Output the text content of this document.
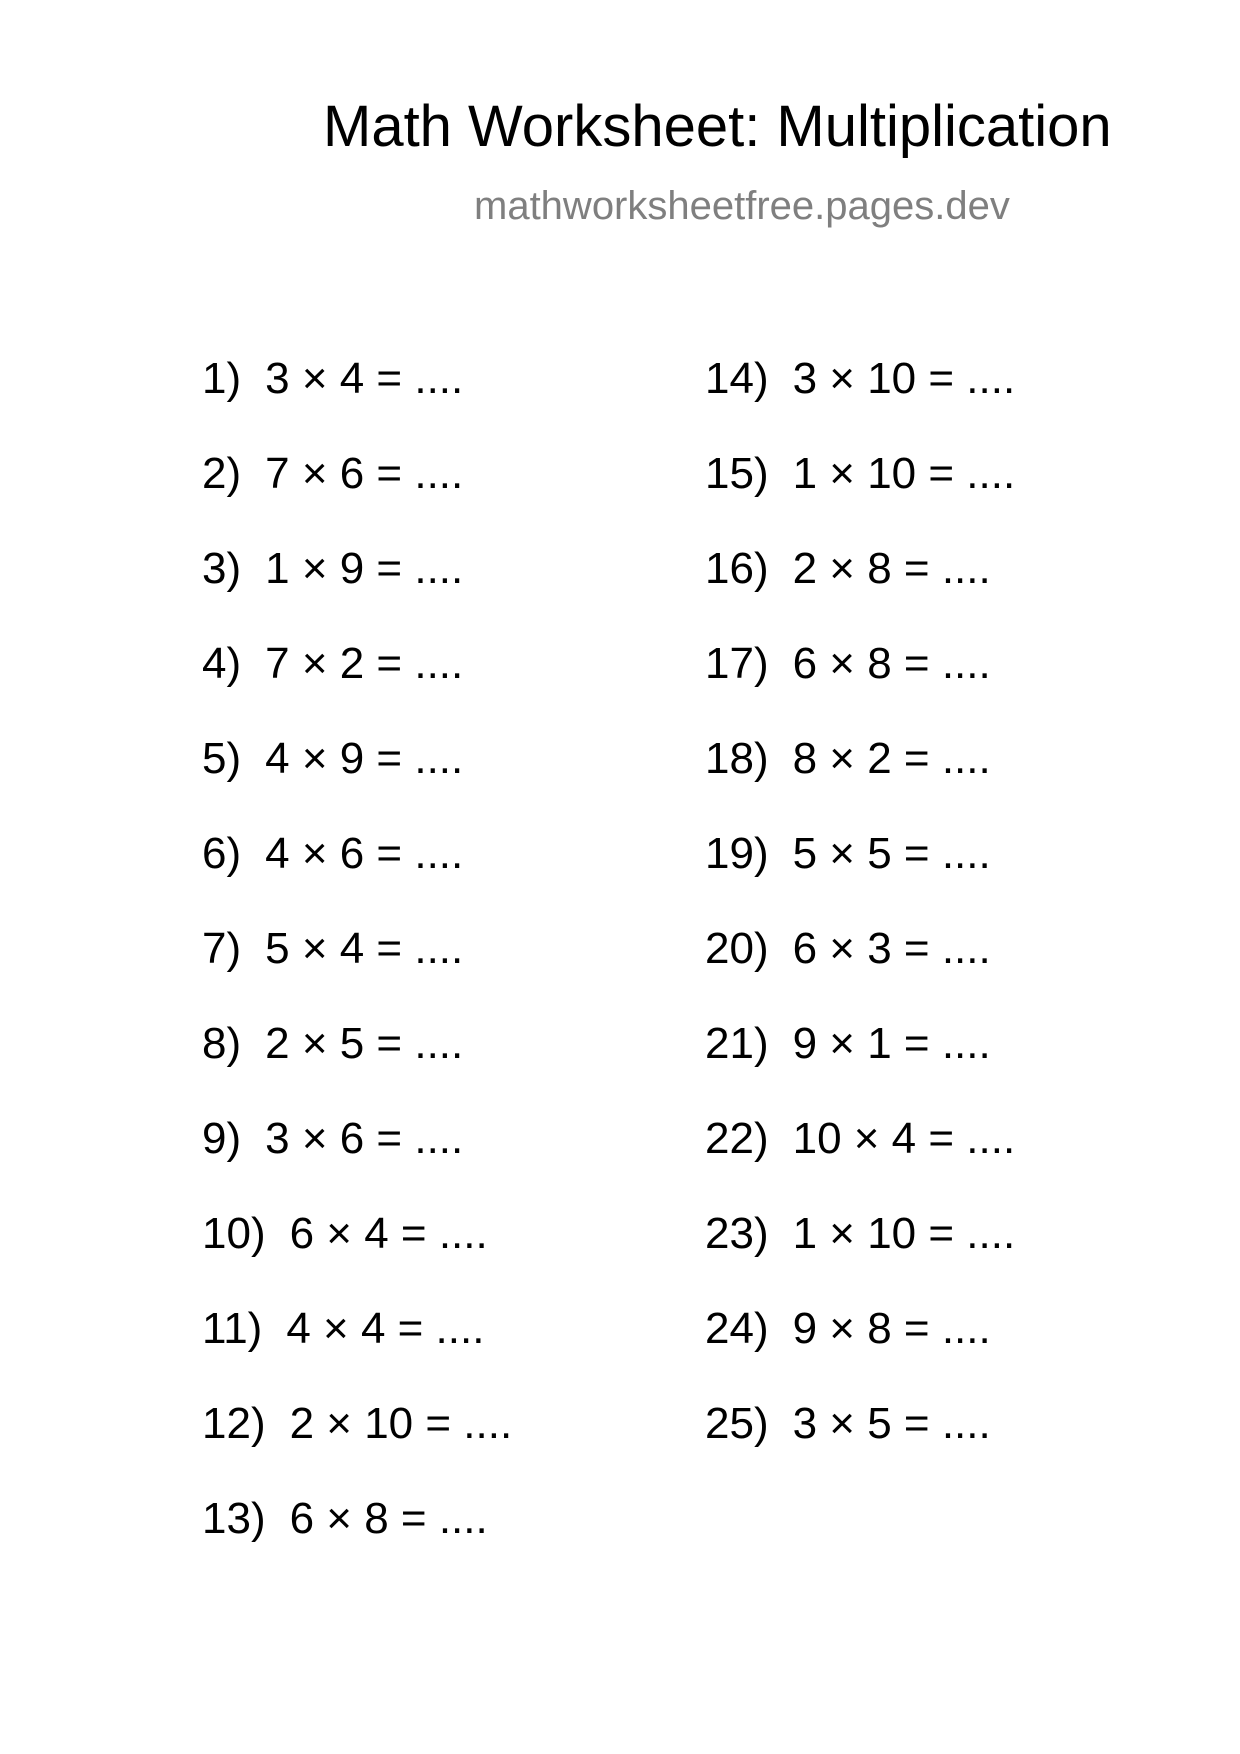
Math Worksheet: Multiplication
mathworksheetfree.pages.dev
1) 3 × 4 = ....
2) 7 × 6 = ....
3) 1 × 9 = ....
4) 7 × 2 = ....
5) 4 × 9 = ....
6) 4 × 6 = ....
7) 5 × 4 = ....
8) 2 × 5 = ....
9) 3 × 6 = ....
10) 6 × 4 = ....
11) 4 × 4 = ....
12) 2 × 10 = ....
13) 6 × 8 = ....
14) 3 × 10 = ....
15) 1 × 10 = ....
16) 2 × 8 = ....
17) 6 × 8 = ....
18) 8 × 2 = ....
19) 5 × 5 = ....
20) 6 × 3 = ....
21) 9 × 1 = ....
22) 10 × 4 = ....
23) 1 × 10 = ....
24) 9 × 8 = ....
25) 3 × 5 = ....
